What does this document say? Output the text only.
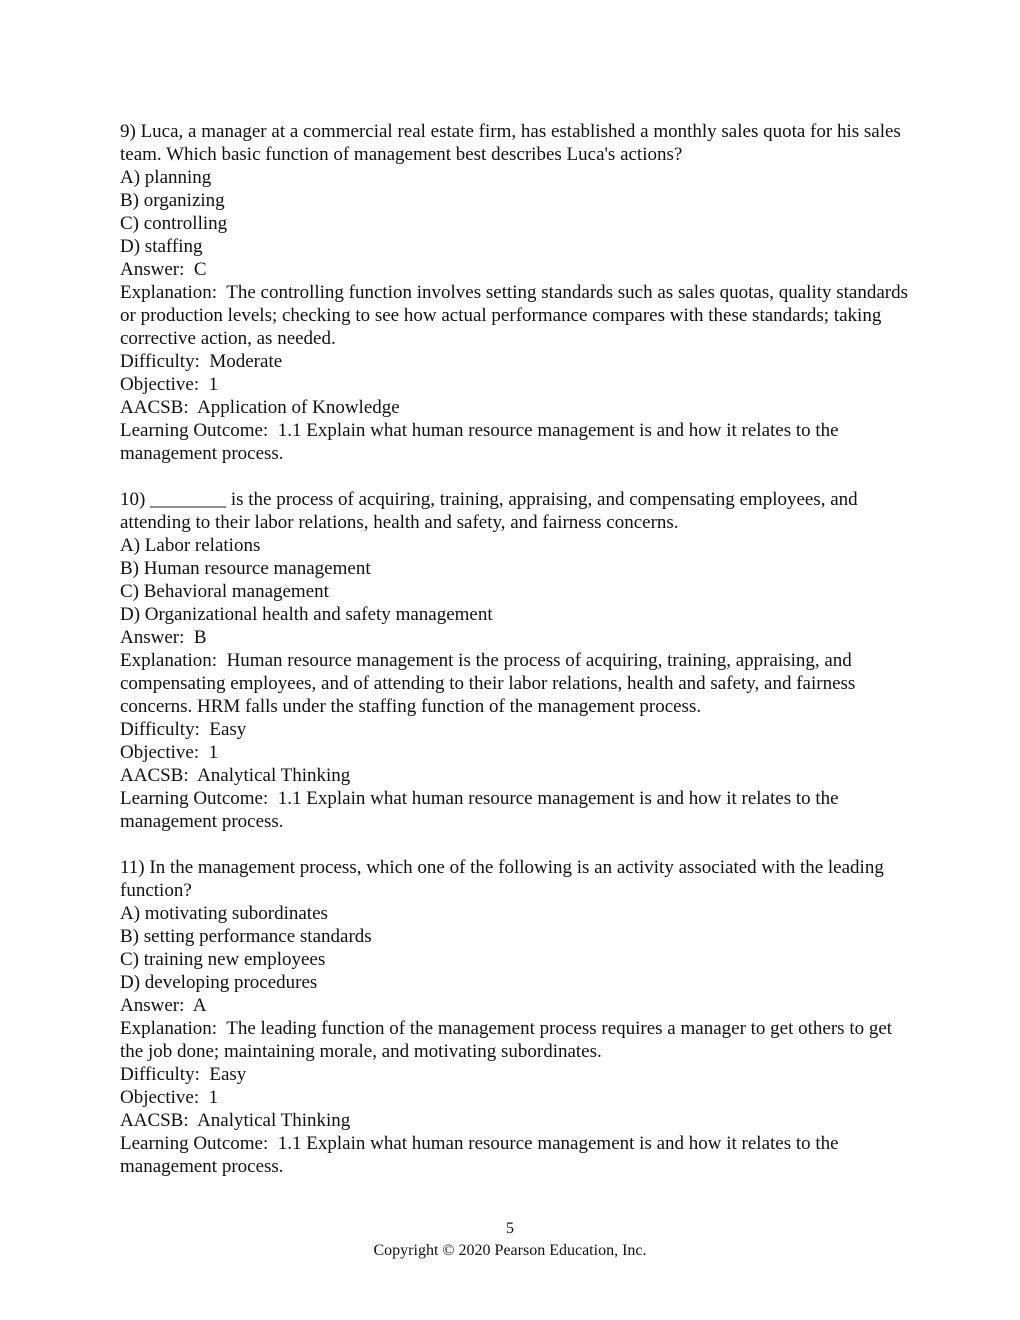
9) Luca, a manager at a commercial real estate firm, has established a monthly sales quota for his sales team. Which basic function of management best describes Luca's actions?
A) planning
B) organizing
C) controlling
D) staffing
Answer:  C
Explanation:  The controlling function involves setting standards such as sales quotas, quality standards or production levels; checking to see how actual performance compares with these standards; taking corrective action, as needed.
Difficulty:  Moderate
Objective:  1
AACSB:  Application of Knowledge
Learning Outcome:  1.1 Explain what human resource management is and how it relates to the management process.
10) ________ is the process of acquiring, training, appraising, and compensating employees, and attending to their labor relations, health and safety, and fairness concerns.
A) Labor relations
B) Human resource management
C) Behavioral management
D) Organizational health and safety management
Answer:  B
Explanation:  Human resource management is the process of acquiring, training, appraising, and compensating employees, and of attending to their labor relations, health and safety, and fairness concerns. HRM falls under the staffing function of the management process.
Difficulty:  Easy
Objective:  1
AACSB:  Analytical Thinking
Learning Outcome:  1.1 Explain what human resource management is and how it relates to the management process.
11) In the management process, which one of the following is an activity associated with the leading function?
A) motivating subordinates
B) setting performance standards
C) training new employees
D) developing procedures
Answer:  A
Explanation:  The leading function of the management process requires a manager to get others to get the job done; maintaining morale, and motivating subordinates.
Difficulty:  Easy
Objective:  1
AACSB:  Analytical Thinking
Learning Outcome:  1.1 Explain what human resource management is and how it relates to the management process.
5
Copyright © 2020 Pearson Education, Inc.
